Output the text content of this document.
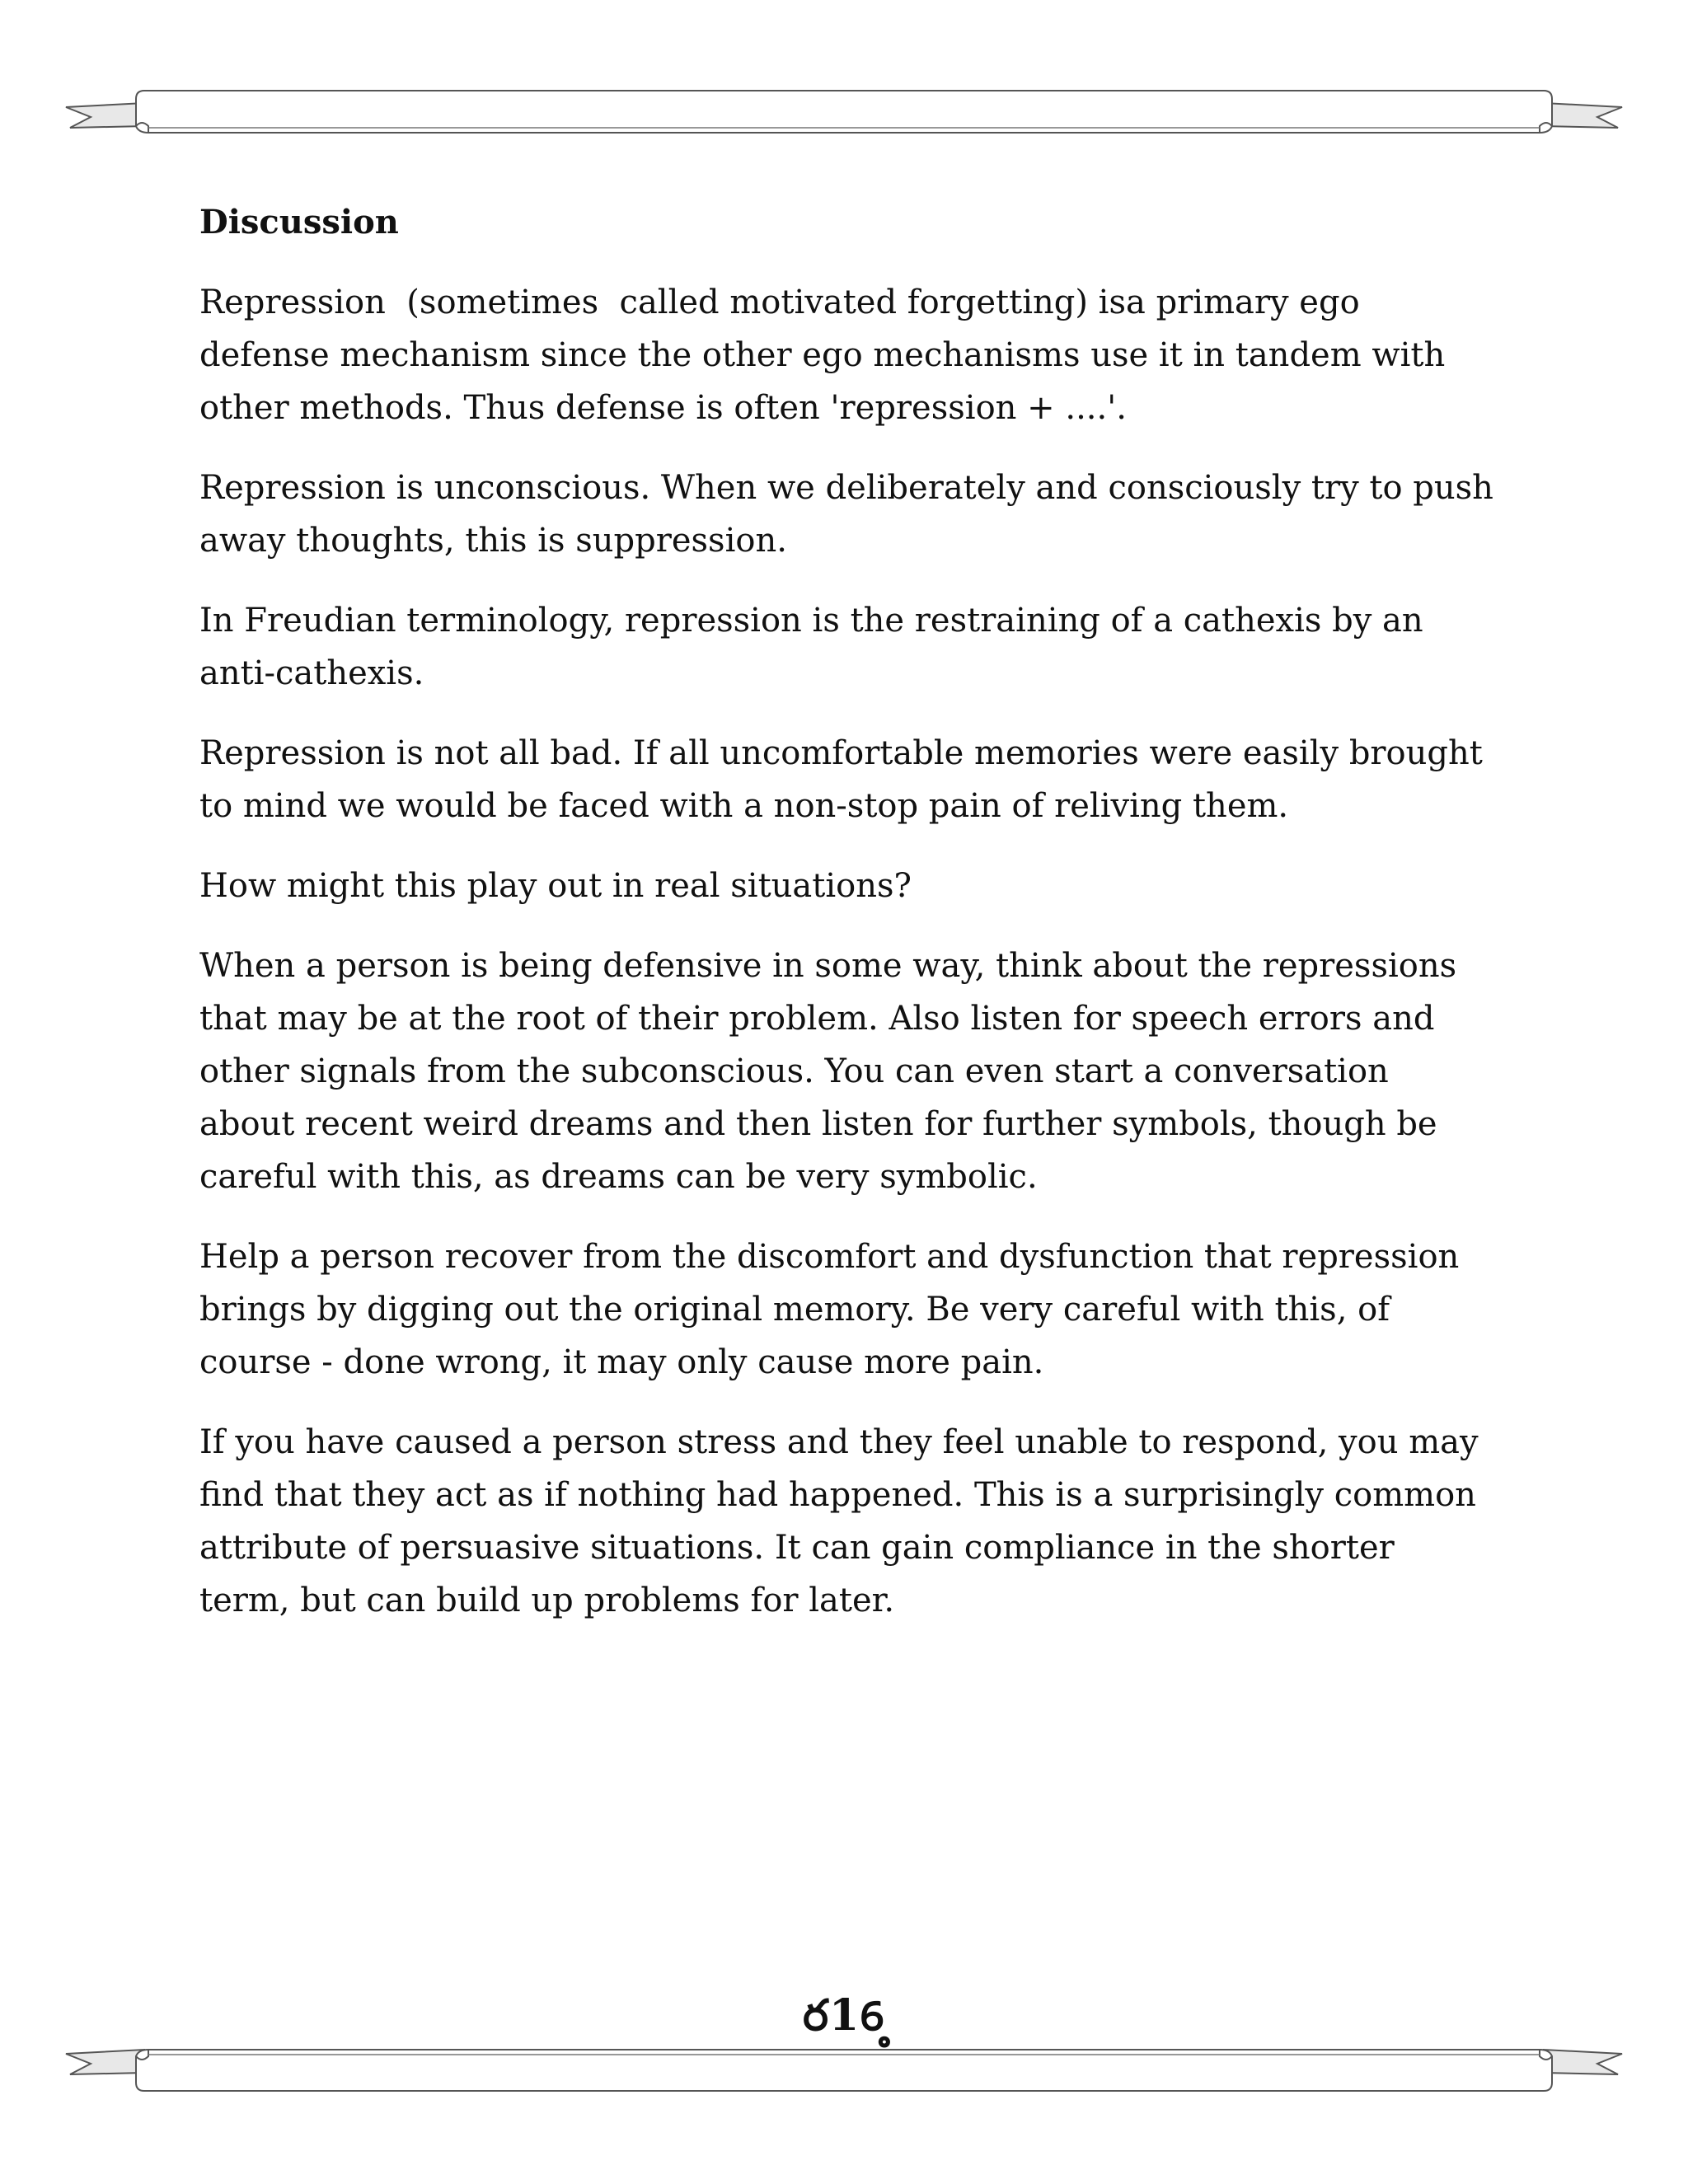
Discussion

Repression  (sometimes  called motivated forgetting) isa primary ego defense mechanism since the other ego mechanisms use it in tandem with other methods. Thus defense is often 'repression + ....'.

Repression is unconscious. When we deliberately and consciously try to push away thoughts, this is suppression.

In Freudian terminology, repression is the restraining of a cathexis by an anti-cathexis.

Repression is not all bad. If all uncomfortable memories were easily brought to mind we would be faced with a non-stop pain of reliving them.

How might this play out in real situations?

When a person is being defensive in some way, think about the repressions that may be at the root of their problem. Also listen for speech errors and other signals from the subconscious. You can even start a conversation about recent weird dreams and then listen for further symbols, though be careful with this, as dreams can be very symbolic.

Help a person recover from the discomfort and dysfunction that repression brings by digging out the original memory. Be very careful with this, of course - done wrong, it may only cause more pain.

If you have caused a person stress and they feel unable to respond, you may find that they act as if nothing had happened. This is a surprisingly common attribute of persuasive situations. It can gain compliance in the shorter term, but can build up problems for later.

ర16఼
